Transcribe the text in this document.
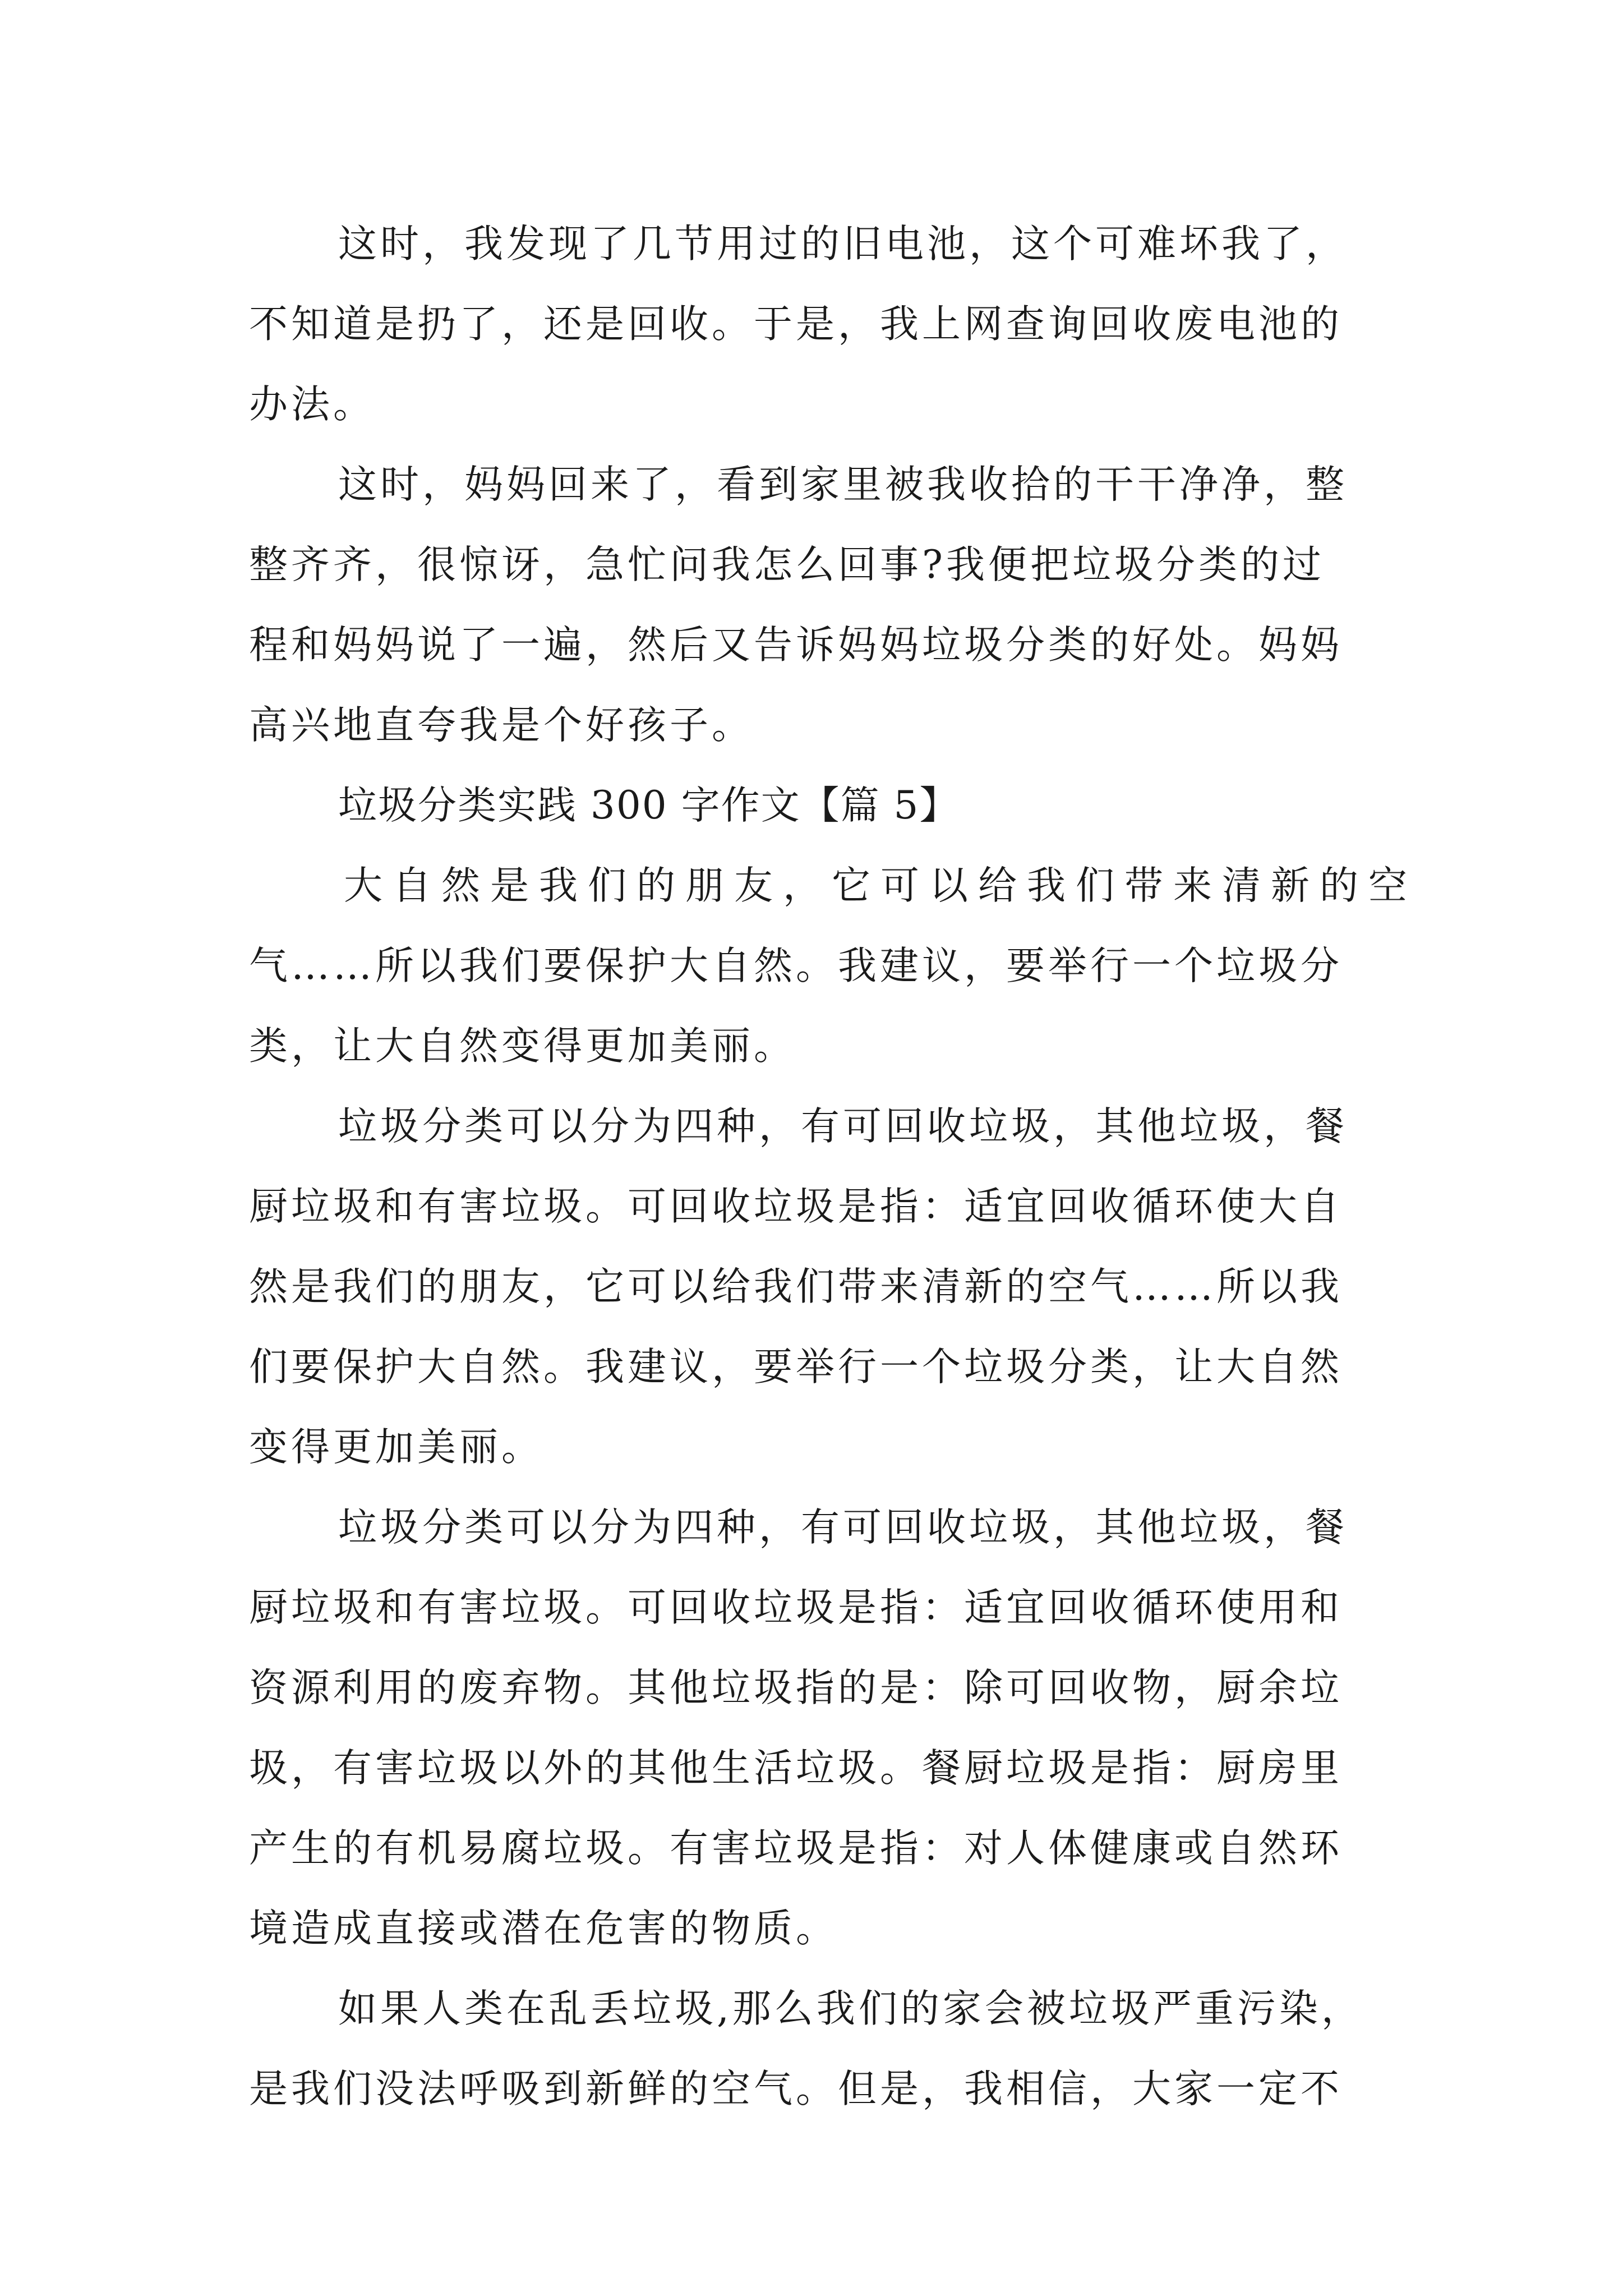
这时，我发现了几节用过的旧电池，这个可难坏我了，
不知道是扔了，还是回收。于是，我上网查询回收废电池的
办法。
这时，妈妈回来了，看到家里被我收拾的干干净净，整
整齐齐，很惊讶，急忙问我怎么回事?我便把垃圾分类的过
程和妈妈说了一遍，然后又告诉妈妈垃圾分类的好处。妈妈
高兴地直夸我是个好孩子。
垃圾分类实践 300 字作文【篇 5】
大自然是我们的朋友，它可以给我们带来清新的空
气……所以我们要保护大自然。我建议，要举行一个垃圾分
类，让大自然变得更加美丽。
垃圾分类可以分为四种，有可回收垃圾，其他垃圾，餐
厨垃圾和有害垃圾。可回收垃圾是指：适宜回收循环使大自
然是我们的朋友，它可以给我们带来清新的空气……所以我
们要保护大自然。我建议，要举行一个垃圾分类，让大自然
变得更加美丽。
垃圾分类可以分为四种，有可回收垃圾，其他垃圾，餐
厨垃圾和有害垃圾。可回收垃圾是指：适宜回收循环使用和
资源利用的废弃物。其他垃圾指的是：除可回收物，厨余垃
圾，有害垃圾以外的其他生活垃圾。餐厨垃圾是指：厨房里
产生的有机易腐垃圾。有害垃圾是指：对人体健康或自然环
境造成直接或潜在危害的物质。
如果人类在乱丢垃圾,那么我们的家会被垃圾严重污染，
是我们没法呼吸到新鲜的空气。但是，我相信，大家一定不
